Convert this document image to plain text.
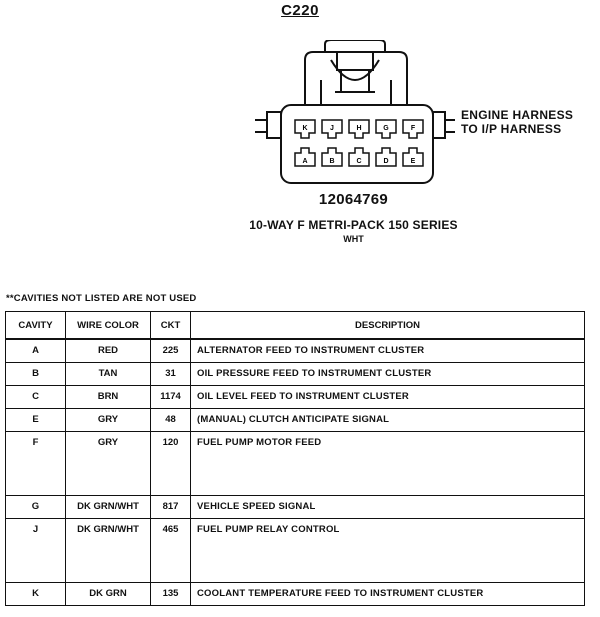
C220
K	J	H	G	F
A	B	C	D	E
ENGINE HARNESS
TO I/P HARNESS
12064769
10-WAY F METRI-PACK 150 SERIES
WHT
**CAVITIES NOT LISTED ARE NOT USED
CAVITY	WIRE COLOR	CKT	DESCRIPTION
A	RED	225	ALTERNATOR FEED TO INSTRUMENT CLUSTER
B	TAN	31	OIL PRESSURE FEED TO INSTRUMENT CLUSTER
C	BRN	1174	OIL LEVEL FEED TO INSTRUMENT CLUSTER
E	GRY	48	(MANUAL) CLUTCH ANTICIPATE SIGNAL
F	GRY	120	FUEL PUMP MOTOR FEED
G	DK GRN/WHT	817	VEHICLE SPEED SIGNAL
J	DK GRN/WHT	465	FUEL PUMP RELAY CONTROL
K	DK GRN	135	COOLANT TEMPERATURE FEED TO INSTRUMENT CLUSTER
